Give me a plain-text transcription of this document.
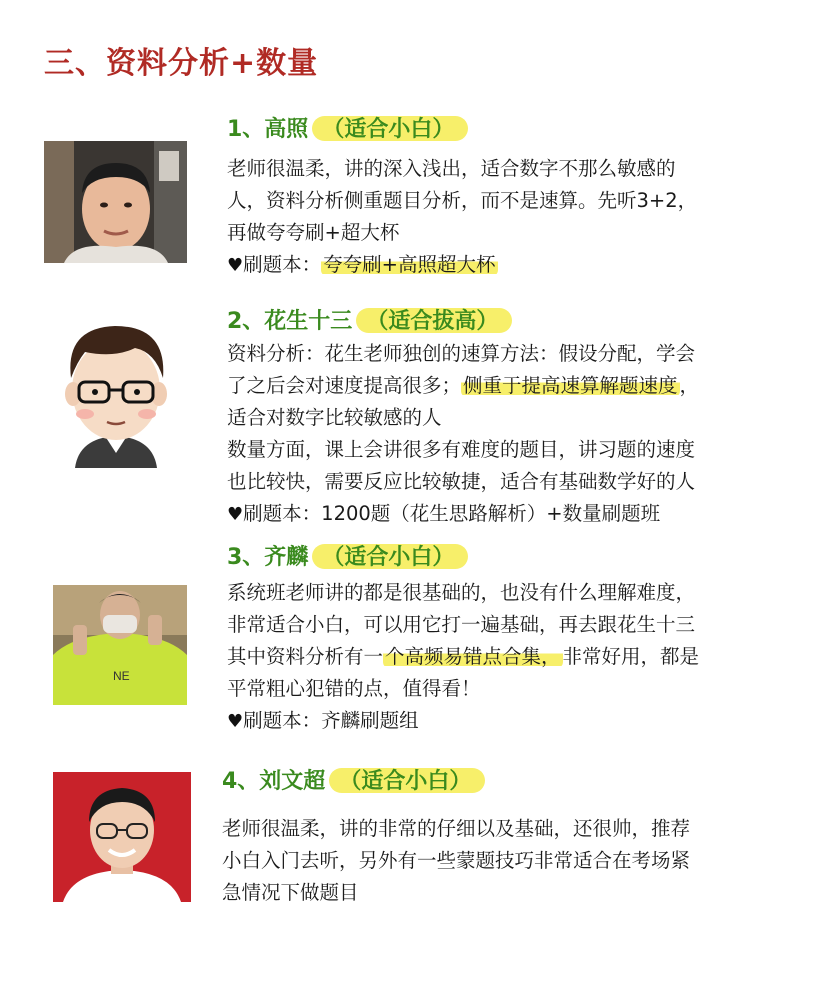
三、资料分析+数量
1、高照 （适合小白）
老师很温柔，讲的深入浅出，适合数字不那么敏感的
人，资料分析侧重题目分析，而不是速算。先听3+2，
再做夸夸刷+超大杯
♥刷题本： 夸夸刷+高照超大杯
2、花生十三 （适合拔高）
资料分析：花生老师独创的速算方法：假设分配，学会
了之后会对速度提高很多； 侧重于提高速算解题速度 ，
适合对数字比较敏感的人
数量方面，课上会讲很多有难度的题目，讲习题的速度
也比较快，需要反应比较敏捷，适合有基础数学好的人
♥刷题本：1200题（花生思路解析）+数量刷题班
NE
3、齐麟 （适合小白）
系统班老师讲的都是很基础的，也没有什么理解难度，
非常适合小白，可以用它打一遍基础，再去跟花生十三
其中资料分析有一 个高频易错点合集， 非常好用，都是
平常粗心犯错的点，值得看！
♥刷题本：齐麟刷题组
4、刘文超 （适合小白）
老师很温柔，讲的非常的仔细以及基础，还很帅，推荐
小白入门去听，另外有一些蒙题技巧非常适合在考场紧
急情况下做题目
